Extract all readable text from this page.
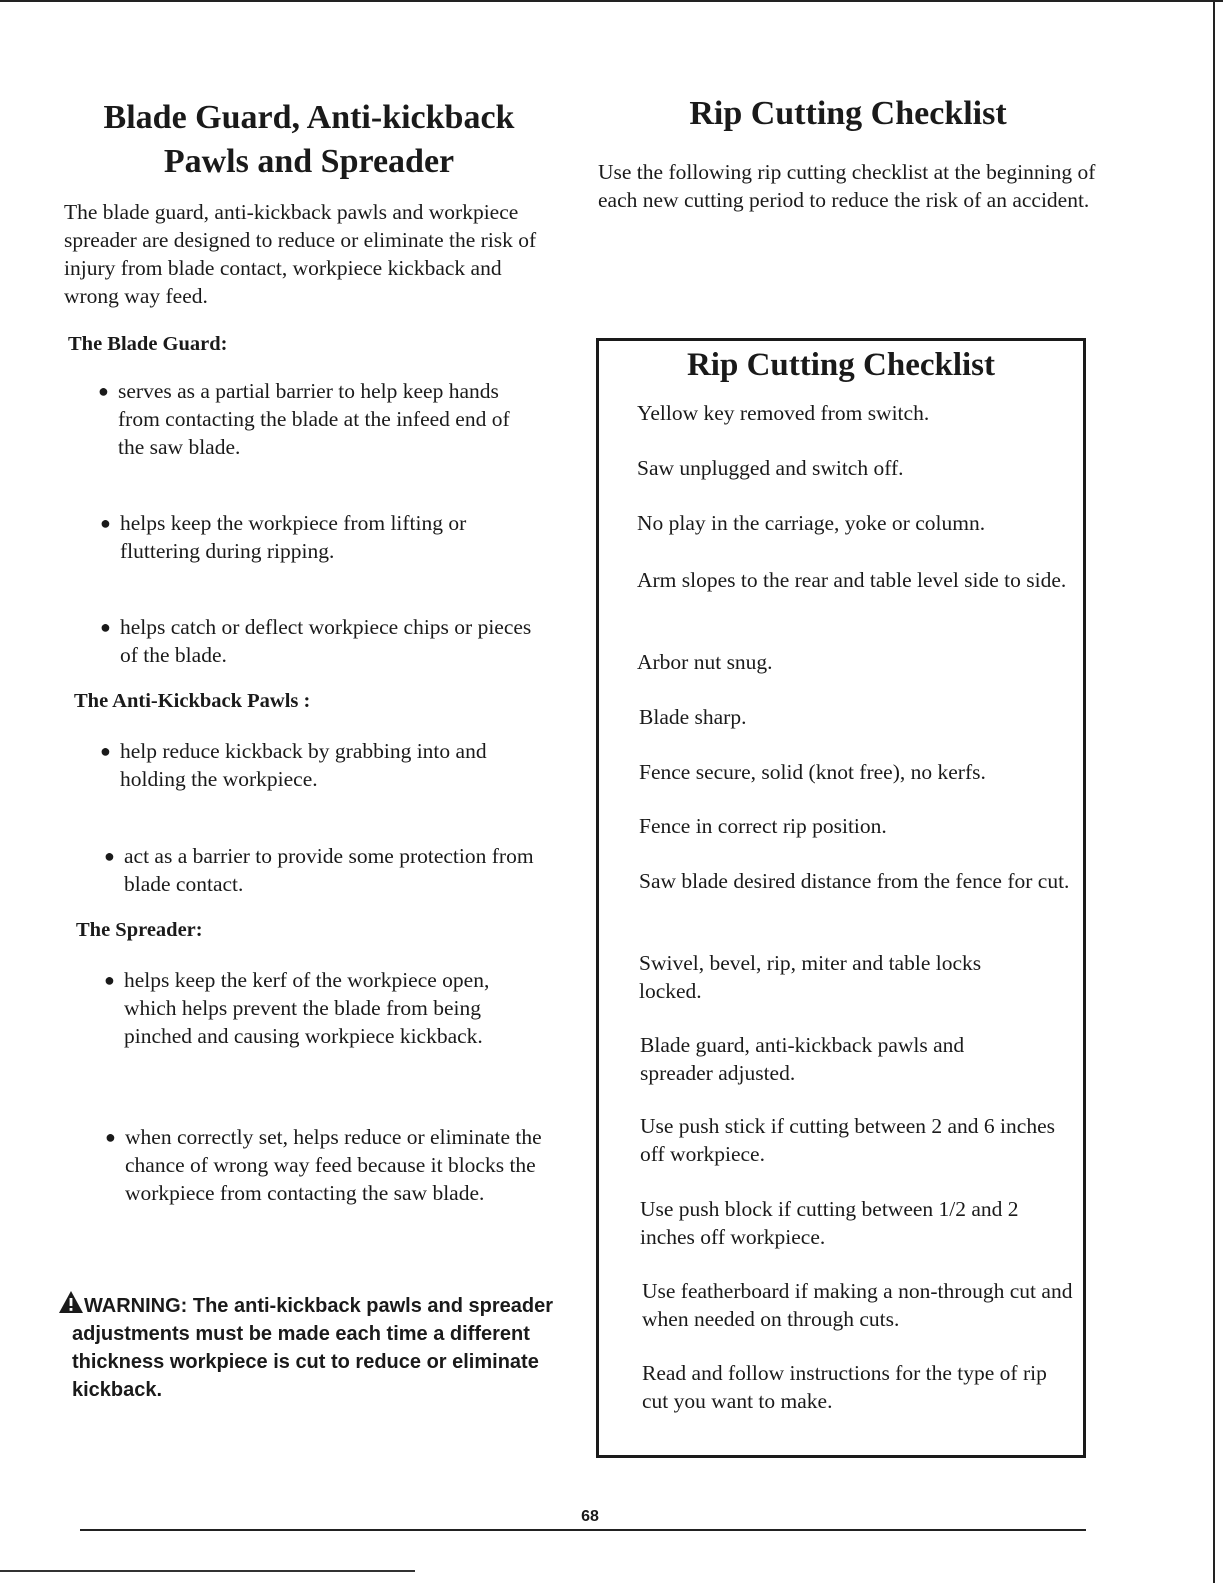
Blade Guard, Anti-kickback
Pawls and Spreader

The blade guard, anti-kickback pawls and workpiece spreader are designed to reduce or eliminate the risk of injury from blade contact, workpiece kickback and wrong way feed.

The Blade Guard:
● serves as a partial barrier to help keep hands from contacting the blade at the infeed end of the saw blade.
● helps keep the workpiece from lifting or fluttering during ripping.
● helps catch or deflect workpiece chips or pieces of the blade.
The Anti-Kickback Pawls :
● help reduce kickback by grabbing into and holding the workpiece.
● act as a barrier to provide some protection from blade contact.
The Spreader:
● helps keep the kerf of the workpiece open, which helps prevent the blade from being pinched and causing workpiece kickback.
● when correctly set, helps reduce or eliminate the chance of wrong way feed because it blocks the workpiece from contacting the saw blade.
WARNING: The anti-kickback pawls and spreader adjustments must be made each time a different thickness workpiece is cut to reduce or eliminate kickback.
Rip Cutting Checklist

Use the following rip cutting checklist at the beginning of each new cutting period to reduce the risk of an accident.

Rip Cutting Checklist
Yellow key removed from switch.
Saw unplugged and switch off.
No play in the carriage, yoke or column.
Arm slopes to the rear and table level side to side.
Arbor nut snug.
Blade sharp.
Fence secure, solid (knot free), no kerfs.
Fence in correct rip position.
Saw blade desired distance from the fence for cut.
Swivel, bevel, rip, miter and table locks locked.
Blade guard, anti-kickback pawls and spreader adjusted.
Use push stick if cutting between 2 and 6 inches off workpiece.
Use push block if cutting between 1/2 and 2 inches off workpiece.
Use featherboard if making a non-through cut and when needed on through cuts.
Read and follow instructions for the type of rip cut you want to make.
68
